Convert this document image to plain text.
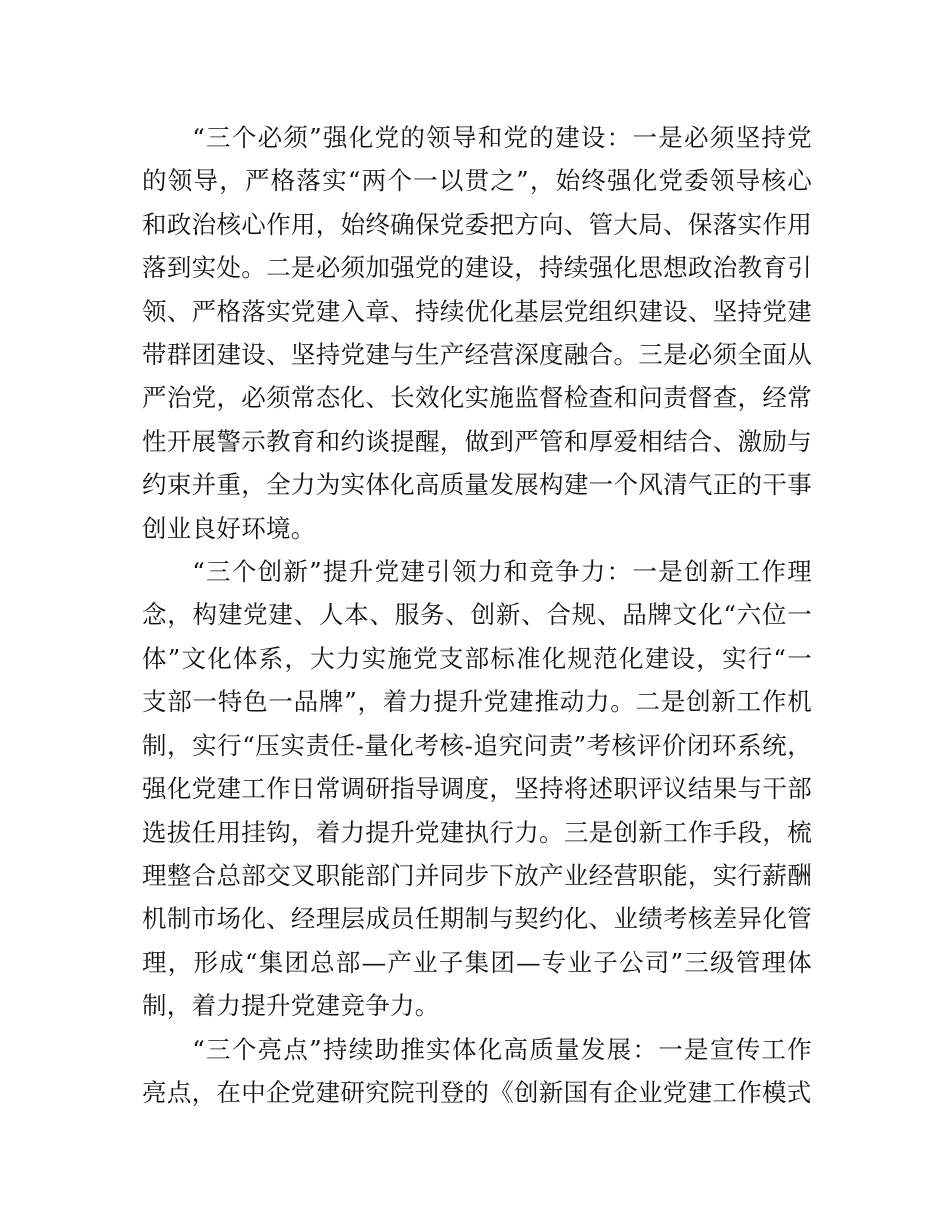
“三个必须”强化党的领导和党的建设：一是必须坚持党的领导，严格落实“两个一以贯之”，始终强化党委领导核心和政治核心作用，始终确保党委把方向、管大局、保落实作用落到实处。二是必须加强党的建设，持续强化思想政治教育引领、严格落实党建入章、持续优化基层党组织建设、坚持党建带群团建设、坚持党建与生产经营深度融合。三是必须全面从严治党，必须常态化、长效化实施监督检查和问责督查，经常性开展警示教育和约谈提醒，做到严管和厚爱相结合、激励与约束并重，全力为实体化高质量发展构建一个风清气正的干事创业良好环境。

“三个创新”提升党建引领力和竞争力：一是创新工作理念，构建党建、人本、服务、创新、合规、品牌文化“六位一体”文化体系，大力实施党支部标准化规范化建设，实行“一支部一特色一品牌”，着力提升党建推动力。二是创新工作机制，实行“压实责任-量化考核-追究问责”考核评价闭环系统，强化党建工作日常调研指导调度，坚持将述职评议结果与干部选拔任用挂钩，着力提升党建执行力。三是创新工作手段，梳理整合总部交叉职能部门并同步下放产业经营职能，实行薪酬机制市场化、经理层成员任期制与契约化、业绩考核差异化管理，形成“集团总部—产业子集团—专业子公司”三级管理体制，着力提升党建竞争力。

“三个亮点”持续助推实体化高质量发展：一是宣传工作亮点，在中企党建研究院刊登的《创新国有企业党建工作模式
